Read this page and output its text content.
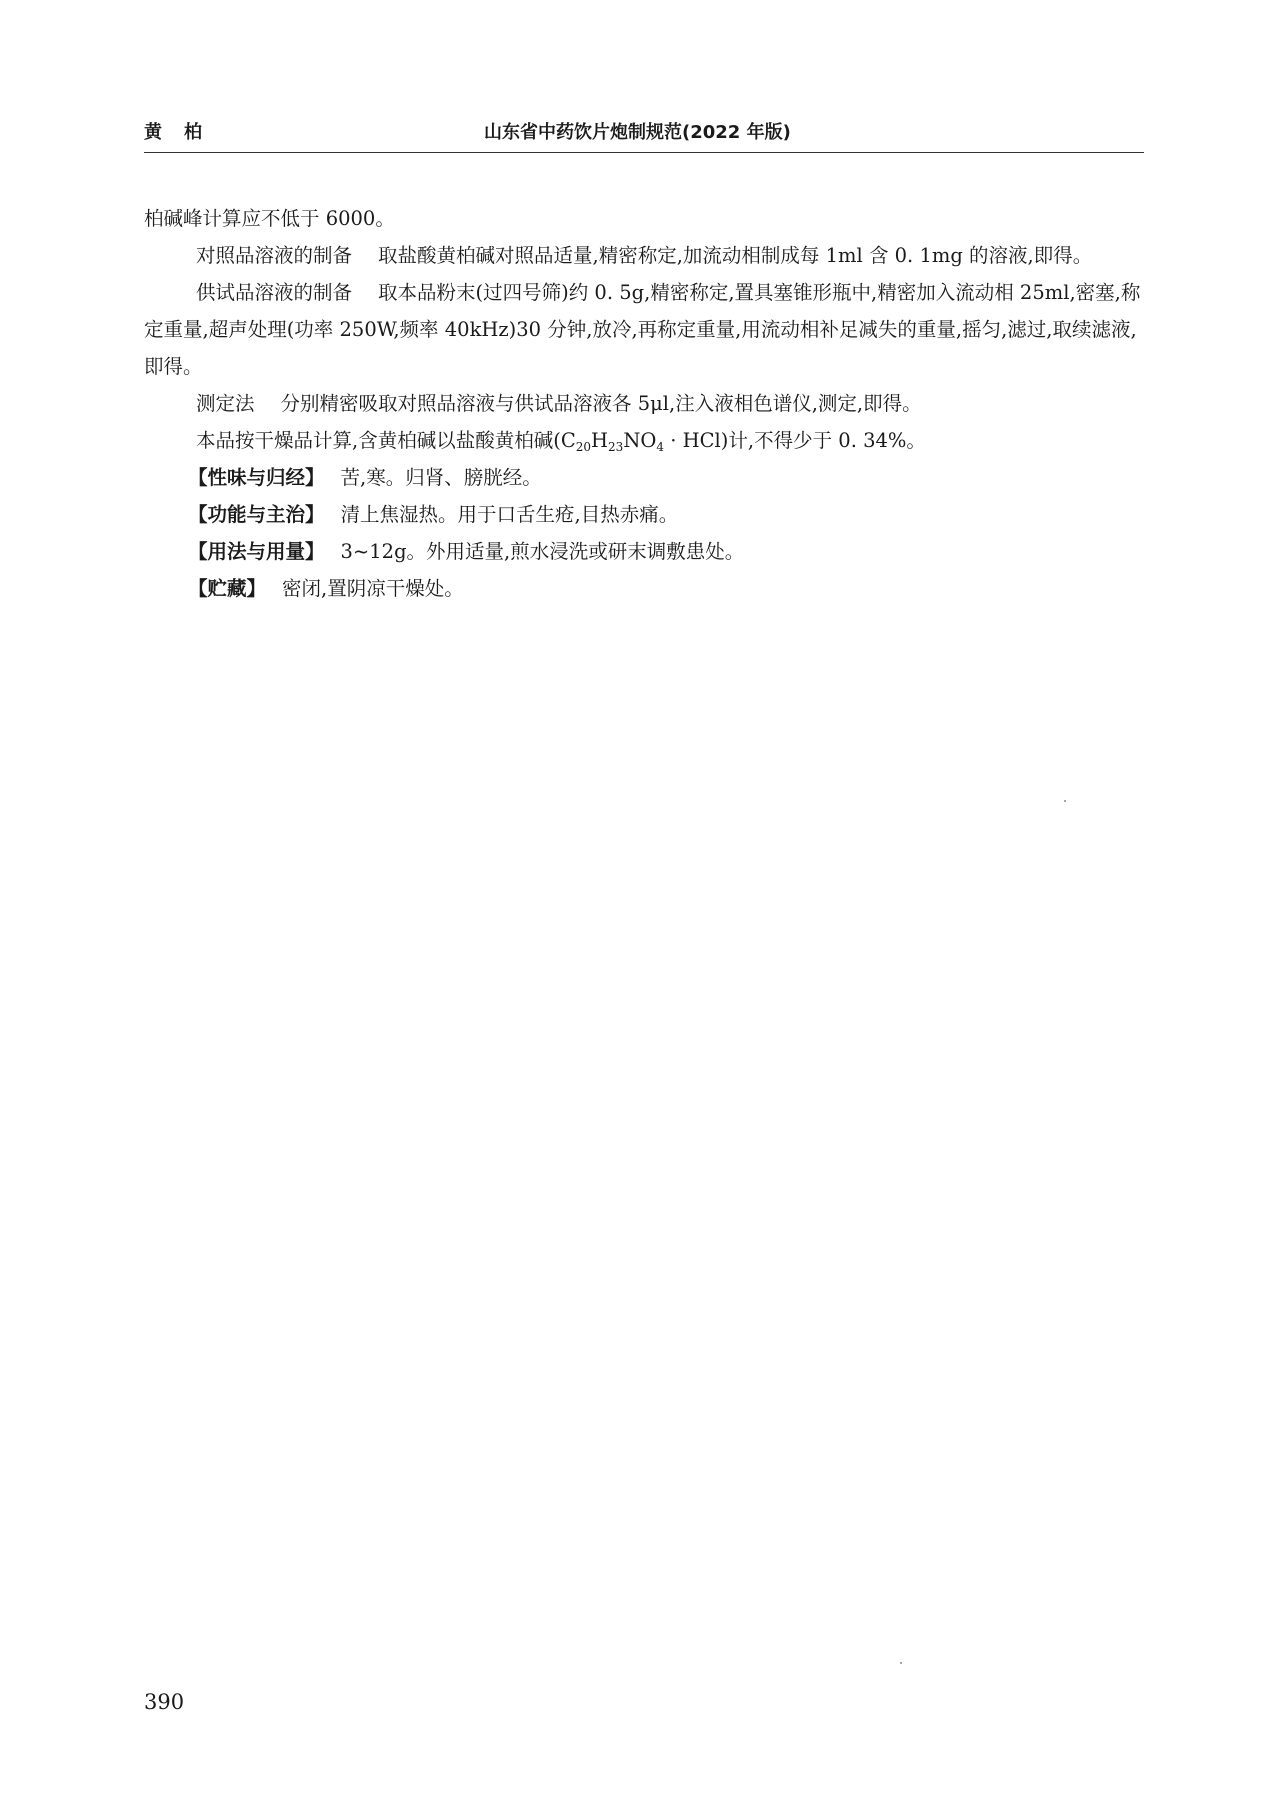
黄柏	山东省中药饮片炮制规范(2022 年版)

柏碱峰计算应不低于 6000。

对照品溶液的制备 取盐酸黄柏碱对照品适量,精密称定,加流动相制成每 1ml 含 0. 1mg 的溶液,即得。

供试品溶液的制备 取本品粉末(过四号筛)约 0. 5g,精密称定,置具塞锥形瓶中,精密加入流动相 25ml,密塞,称定重量,超声处理(功率 250W,频率 40kHz)30 分钟,放冷,再称定重量,用流动相补足减失的重量,摇匀,滤过,取续滤液,即得。

测定法 分别精密吸取对照品溶液与供试品溶液各 5μl,注入液相色谱仪,测定,即得。

本品按干燥品计算,含黄柏碱以盐酸黄柏碱$(C_{20}H_{23}NO_4 \cdot HCl)$计,不得少于 0. 34%。

【性味与归经】 苦,寒。归肾、膀胱经。

【功能与主治】 清上焦湿热。用于口舌生疮,目热赤痛。

【用法与用量】 3~12g。外用适量,煎水浸洗或研末调敷患处。

【贮藏】 密闭,置阴凉干燥处。

390
